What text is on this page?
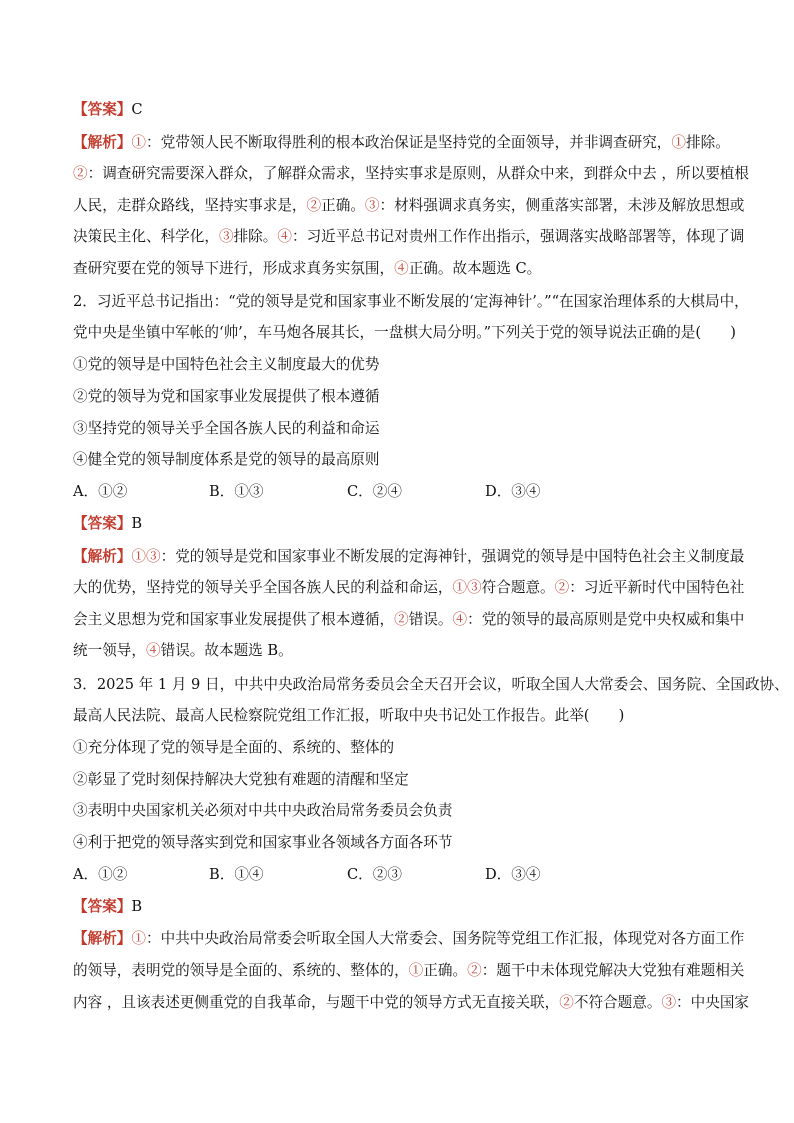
【答案】C
【解析】①：党带领人民不断取得胜利的根本政治保证是坚持党的全面领导，并非调查研究，①排除。
②：调查研究需要深入群众，了解群众需求，坚持实事求是原则，从群众中来，到群众中去 ，所以要植根
人民，走群众路线，坚持实事求是，②正确。③：材料强调求真务实，侧重落实部署，未涉及解放思想或
决策民主化、科学化，③排除。④：习近平总书记对贵州工作作出指示，强调落实战略部署等，体现了调
查研究要在党的领导下进行，形成求真务实氛围，④正确。故本题选 C。
2．习近平总书记指出：“党的领导是党和国家事业不断发展的‘定海神针’。”“在国家治理体系的大棋局中，
党中央是坐镇中军帐的‘帅’，车马炮各展其长，一盘棋大局分明。”下列关于党的领导说法正确的是(　　)
①党的领导是中国特色社会主义制度最大的优势
②党的领导为党和国家事业发展提供了根本遵循
③坚持党的领导关乎全国各族人民的利益和命运
④健全党的领导制度体系是党的领导的最高原则
A．①②	B．①③	C．②④	D．③④
【答案】B
【解析】①③：党的领导是党和国家事业不断发展的定海神针，强调党的领导是中国特色社会主义制度最
大的优势，坚持党的领导关乎全国各族人民的利益和命运，①③符合题意。②：习近平新时代中国特色社
会主义思想为党和国家事业发展提供了根本遵循，②错误。④：党的领导的最高原则是党中央权威和集中
统一领导，④错误。故本题选 B。
3．2025 年 1 月 9 日，中共中央政治局常务委员会全天召开会议，听取全国人大常委会、国务院、全国政协、
最高人民法院、最高人民检察院党组工作汇报，听取中央书记处工作报告。此举(　　)
①充分体现了党的领导是全面的、系统的、整体的
②彰显了党时刻保持解决大党独有难题的清醒和坚定
③表明中央国家机关必须对中共中央政治局常务委员会负责
④利于把党的领导落实到党和国家事业各领域各方面各环节
A．①②	B．①④	C．②③	D．③④
【答案】B
【解析】①：中共中央政治局常委会听取全国人大常委会、国务院等党组工作汇报，体现党对各方面工作
的领导，表明党的领导是全面的、系统的、整体的，①正确。②：题干中未体现党解决大党独有难题相关
内容 ，且该表述更侧重党的自我革命，与题干中党的领导方式无直接关联，②不符合题意。③：中央国家
